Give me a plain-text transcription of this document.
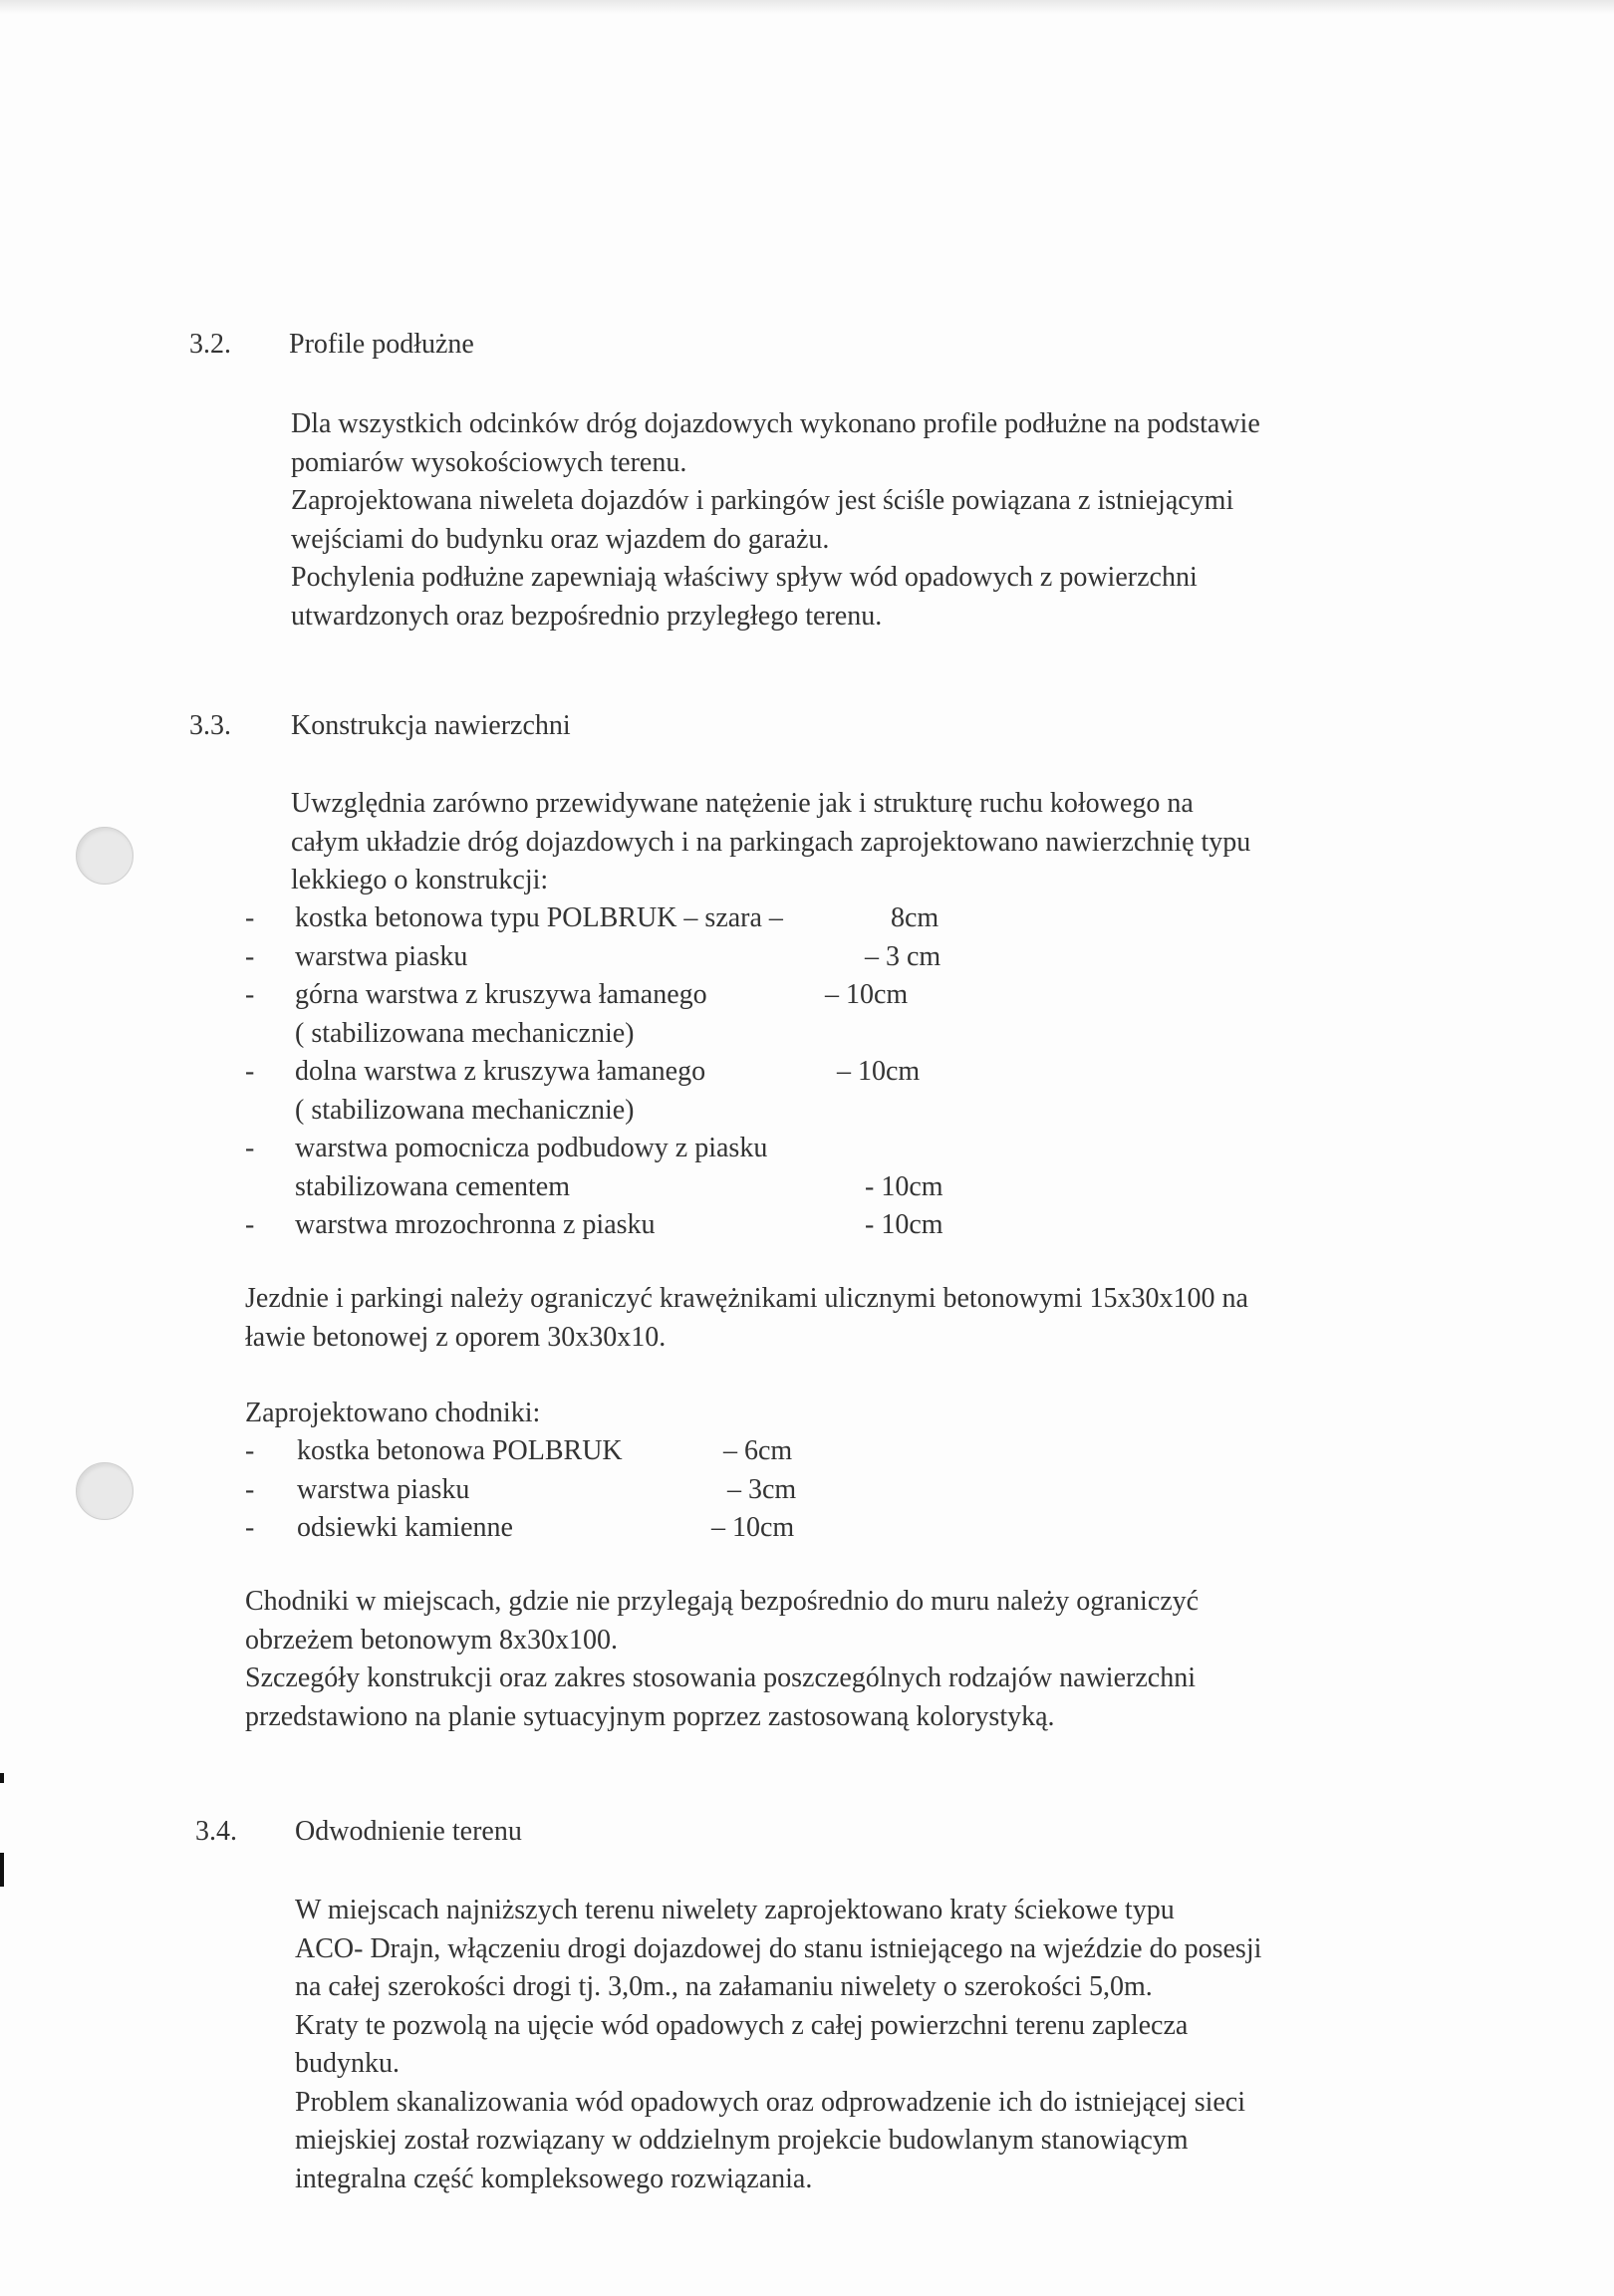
3.2. Profile podłużne
Dla wszystkich odcinków dróg dojazdowych wykonano profile podłużne na podstawie
pomiarów wysokościowych terenu.
Zaprojektowana niweleta dojazdów i parkingów jest ściśle powiązana z istniejącymi
wejściami do budynku oraz wjazdem do garażu.
Pochylenia podłużne zapewniają właściwy spływ wód opadowych z powierzchni
utwardzonych oraz bezpośrednio przyległego terenu.
3.3. Konstrukcja nawierzchni
Uwzględnia zarówno przewidywane natężenie jak i strukturę ruchu kołowego na
całym układzie dróg dojazdowych i na parkingach zaprojektowano nawierzchnię typu
lekkiego o konstrukcji:
- kostka betonowa typu POLBRUK – szara –	8cm
- warstwa piasku	– 3 cm
- górna warstwa z kruszywa łamanego	– 10cm
( stabilizowana mechanicznie)
- dolna warstwa z kruszywa łamanego	– 10cm
( stabilizowana mechanicznie)
- warstwa pomocnicza podbudowy z piasku
stabilizowana cementem	- 10cm
- warstwa mrozochronna z piasku	- 10cm
Jezdnie i parkingi należy ograniczyć krawężnikami ulicznymi betonowymi 15x30x100 na
ławie betonowej z oporem 30x30x10.
Zaprojektowano chodniki:
- kostka betonowa POLBRUK	– 6cm
- warstwa piasku	– 3cm
- odsiewki kamienne	– 10cm
Chodniki w miejscach, gdzie nie przylegają bezpośrednio do muru należy ograniczyć
obrzeżem betonowym 8x30x100.
Szczegóły konstrukcji oraz zakres stosowania poszczególnych rodzajów nawierzchni
przedstawiono na planie sytuacyjnym poprzez zastosowaną kolorystyką.
3.4. Odwodnienie terenu
W miejscach najniższych terenu niwelety zaprojektowano kraty ściekowe typu
ACO- Drajn, włączeniu drogi dojazdowej do stanu istniejącego na wjeździe do posesji
na całej szerokości drogi tj. 3,0m., na załamaniu niwelety o szerokości 5,0m.
Kraty te pozwolą na ujęcie wód opadowych z całej powierzchni terenu zaplecza
budynku.
Problem skanalizowania wód opadowych oraz odprowadzenie ich do istniejącej sieci
miejskiej został rozwiązany w oddzielnym projekcie budowlanym stanowiącym
integralna część kompleksowego rozwiązania.
